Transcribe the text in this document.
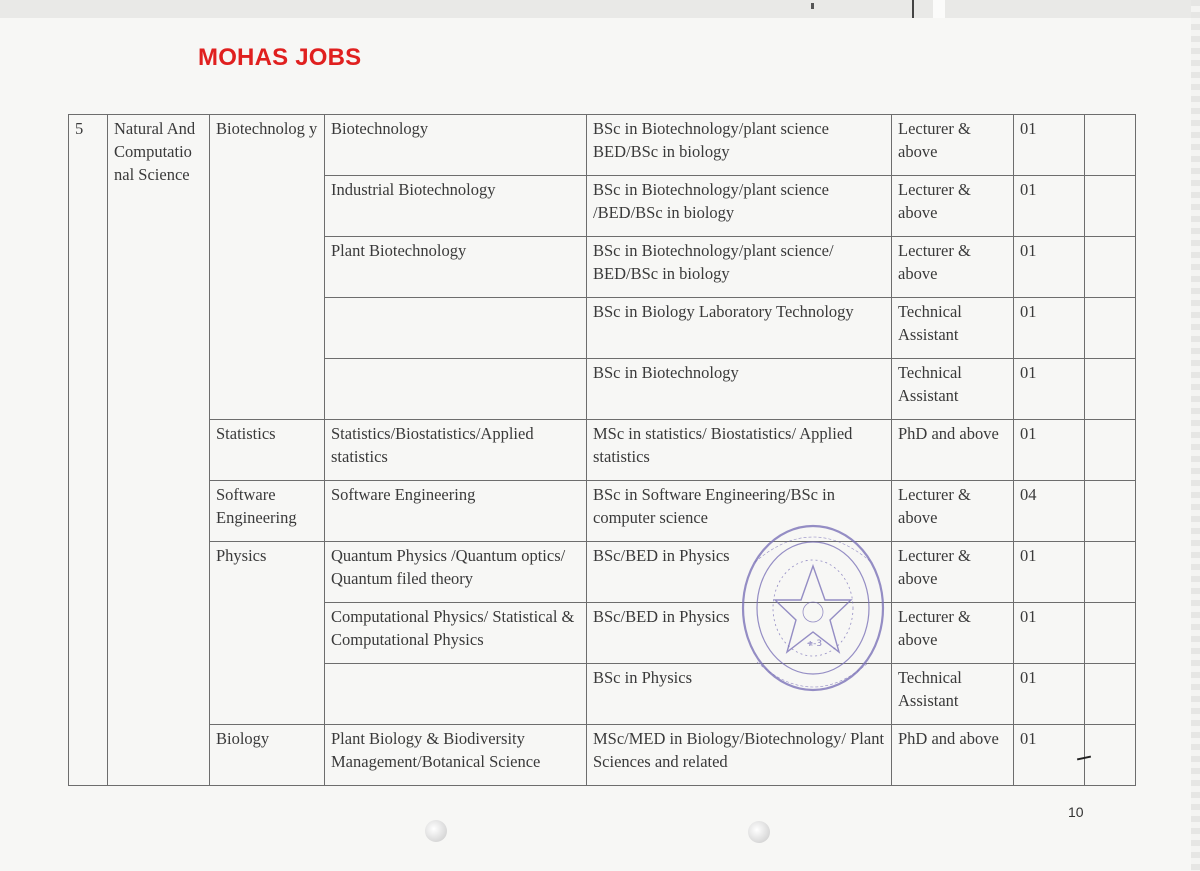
MOHAS JOBS
5	Natural And Computatio nal Science	Biotechnolog y	Biotechnology	BSc in Biotechnology/plant science BED/BSc in biology	Lecturer & above	01	
			Industrial Biotechnology	BSc in Biotechnology/plant science /BED/BSc in biology	Lecturer & above	01	
			Plant Biotechnology	BSc in Biotechnology/plant science/ BED/BSc in biology	Lecturer & above	01	
				BSc in Biology Laboratory Technology	Technical Assistant	01	
				BSc in Biotechnology	Technical Assistant	01	
		Statistics	Statistics/Biostatistics/Applied statistics	MSc in statistics/ Biostatistics/ Applied statistics	PhD and above	01	
		Software Engineering	Software Engineering	BSc in Software Engineering/BSc in computer science	Lecturer & above	04	
		Physics	Quantum Physics /Quantum optics/ Quantum filed theory	BSc/BED in Physics	Lecturer & above	01	
			Computational Physics/ Statistical & Computational Physics	BSc/BED in Physics	Lecturer & above	01	
				BSc in Physics	Technical Assistant	01	
		Biology	Plant Biology & Biodiversity Management/Botanical Science	MSc/MED in Biology/Biotechnology/ Plant Sciences and related	PhD and above	01	
ቁ-3
10
